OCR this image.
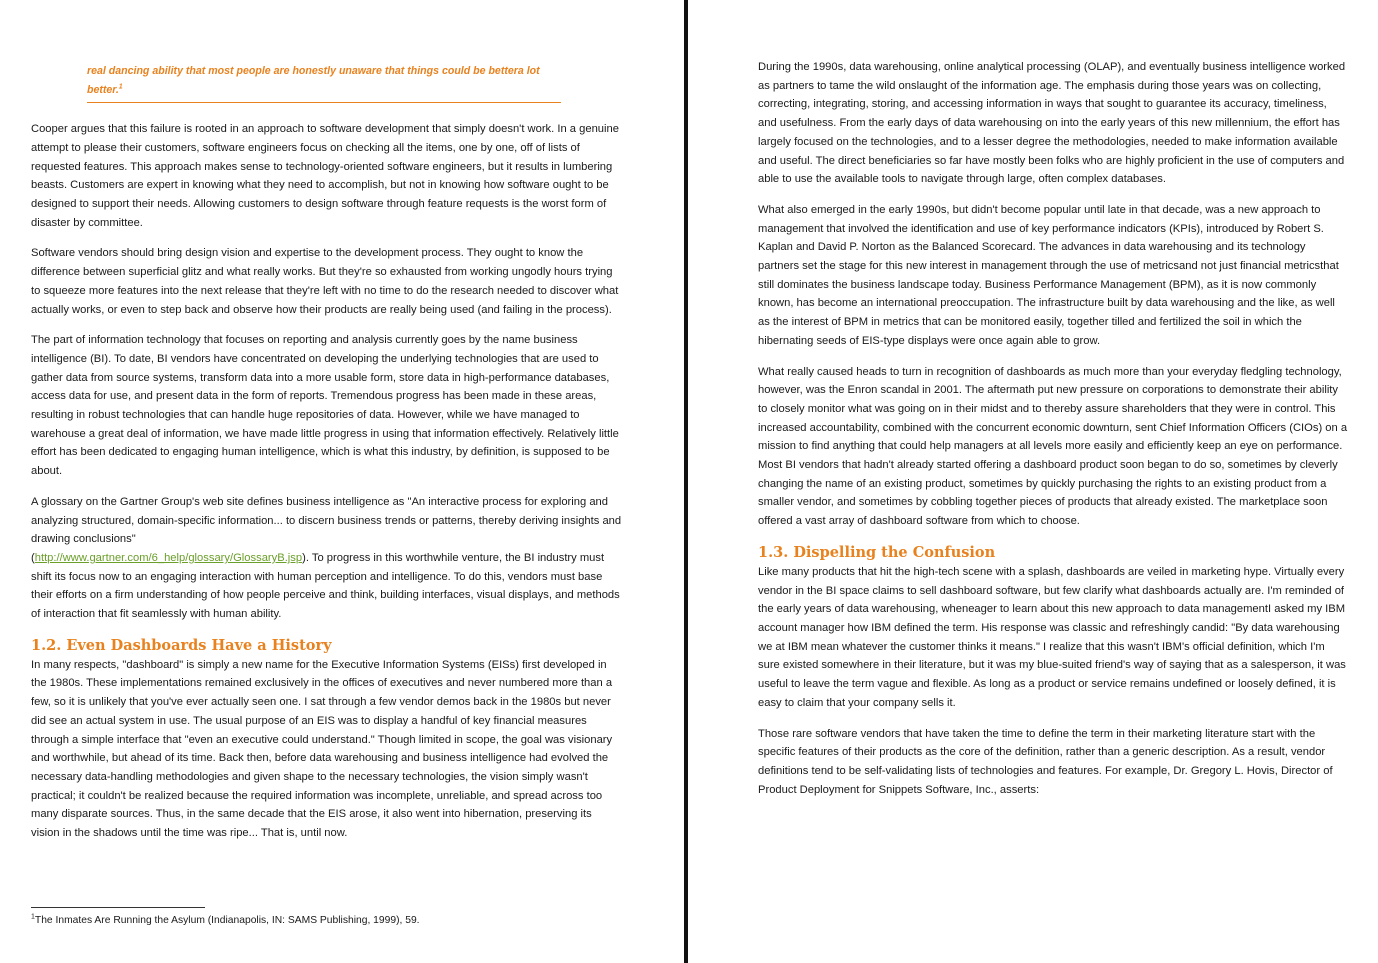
real dancing ability that most people are honestly unaware that things could be bettera lot better.$^1$

Cooper argues that this failure is rooted in an approach to software development that simply doesn't work. In a genuine attempt to please their customers, software engineers focus on checking all the items, one by one, off of lists of requested features. This approach makes sense to technology-oriented software engineers, but it results in lumbering beasts. Customers are expert in knowing what they need to accomplish, but not in knowing how software ought to be designed to support their needs. Allowing customers to design software through feature requests is the worst form of disaster by committee.

Software vendors should bring design vision and expertise to the development process. They ought to know the difference between superficial glitz and what really works. But they're so exhausted from working ungodly hours trying to squeeze more features into the next release that they're left with no time to do the research needed to discover what actually works, or even to step back and observe how their products are really being used (and failing in the process).

The part of information technology that focuses on reporting and analysis currently goes by the name business intelligence (BI). To date, BI vendors have concentrated on developing the underlying technologies that are used to gather data from source systems, transform data into a more usable form, store data in high-performance databases, access data for use, and present data in the form of reports. Tremendous progress has been made in these areas, resulting in robust technologies that can handle huge repositories of data. However, while we have managed to warehouse a great deal of information, we have made little progress in using that information effectively. Relatively little effort has been dedicated to engaging human intelligence, which is what this industry, by definition, is supposed to be about.

A glossary on the Gartner Group's web site defines business intelligence as "An interactive process for exploring and analyzing structured, domain-specific information... to discern business trends or patterns, thereby deriving insights and drawing conclusions"
(http://www.gartner.com/6_help/glossary/GlossaryB.jsp). To progress in this worthwhile venture, the BI industry must shift its focus now to an engaging interaction with human perception and intelligence. To do this, vendors must base their efforts on a firm understanding of how people perceive and think, building interfaces, visual displays, and methods of interaction that fit seamlessly with human ability.

1.2. Even Dashboards Have a History

In many respects, "dashboard" is simply a new name for the Executive Information Systems (EISs) first developed in the 1980s. These implementations remained exclusively in the offices of executives and never numbered more than a few, so it is unlikely that you've ever actually seen one. I sat through a few vendor demos back in the 1980s but never did see an actual system in use. The usual purpose of an EIS was to display a handful of key financial measures through a simple interface that "even an executive could understand." Though limited in scope, the goal was visionary and worthwhile, but ahead of its time. Back then, before data warehousing and business intelligence had evolved the necessary data-handling methodologies and given shape to the necessary technologies, the vision simply wasn't practical; it couldn't be realized because the required information was incomplete, unreliable, and spread across too many disparate sources. Thus, in the same decade that the EIS arose, it also went into hibernation, preserving its vision in the shadows until the time was ripe... That is, until now.

$^1$The Inmates Are Running the Asylum (Indianapolis, IN: SAMS Publishing, 1999), 59.

During the 1990s, data warehousing, online analytical processing (OLAP), and eventually business intelligence worked as partners to tame the wild onslaught of the information age. The emphasis during those years was on collecting, correcting, integrating, storing, and accessing information in ways that sought to guarantee its accuracy, timeliness, and usefulness. From the early days of data warehousing on into the early years of this new millennium, the effort has largely focused on the technologies, and to a lesser degree the methodologies, needed to make information available and useful. The direct beneficiaries so far have mostly been folks who are highly proficient in the use of computers and able to use the available tools to navigate through large, often complex databases.

What also emerged in the early 1990s, but didn't become popular until late in that decade, was a new approach to management that involved the identification and use of key performance indicators (KPIs), introduced by Robert S. Kaplan and David P. Norton as the Balanced Scorecard. The advances in data warehousing and its technology partners set the stage for this new interest in management through the use of metricsand not just financial metricsthat still dominates the business landscape today. Business Performance Management (BPM), as it is now commonly known, has become an international preoccupation. The infrastructure built by data warehousing and the like, as well as the interest of BPM in metrics that can be monitored easily, together tilled and fertilized the soil in which the hibernating seeds of EIS-type displays were once again able to grow.

What really caused heads to turn in recognition of dashboards as much more than your everyday fledgling technology, however, was the Enron scandal in 2001. The aftermath put new pressure on corporations to demonstrate their ability to closely monitor what was going on in their midst and to thereby assure shareholders that they were in control. This increased accountability, combined with the concurrent economic downturn, sent Chief Information Officers (CIOs) on a mission to find anything that could help managers at all levels more easily and efficiently keep an eye on performance. Most BI vendors that hadn't already started offering a dashboard product soon began to do so, sometimes by cleverly changing the name of an existing product, sometimes by quickly purchasing the rights to an existing product from a smaller vendor, and sometimes by cobbling together pieces of products that already existed. The marketplace soon offered a vast array of dashboard software from which to choose.

1.3. Dispelling the Confusion

Like many products that hit the high-tech scene with a splash, dashboards are veiled in marketing hype. Virtually every vendor in the BI space claims to sell dashboard software, but few clarify what dashboards actually are. I'm reminded of the early years of data warehousing, wheneager to learn about this new approach to data managementI asked my IBM account manager how IBM defined the term. His response was classic and refreshingly candid: "By data warehousing we at IBM mean whatever the customer thinks it means." I realize that this wasn't IBM's official definition, which I'm sure existed somewhere in their literature, but it was my blue-suited friend's way of saying that as a salesperson, it was useful to leave the term vague and flexible. As long as a product or service remains undefined or loosely defined, it is easy to claim that your company sells it.

Those rare software vendors that have taken the time to define the term in their marketing literature start with the specific features of their products as the core of the definition, rather than a generic description. As a result, vendor definitions tend to be self-validating lists of technologies and features. For example, Dr. Gregory L. Hovis, Director of Product Deployment for Snippets Software, Inc., asserts:
